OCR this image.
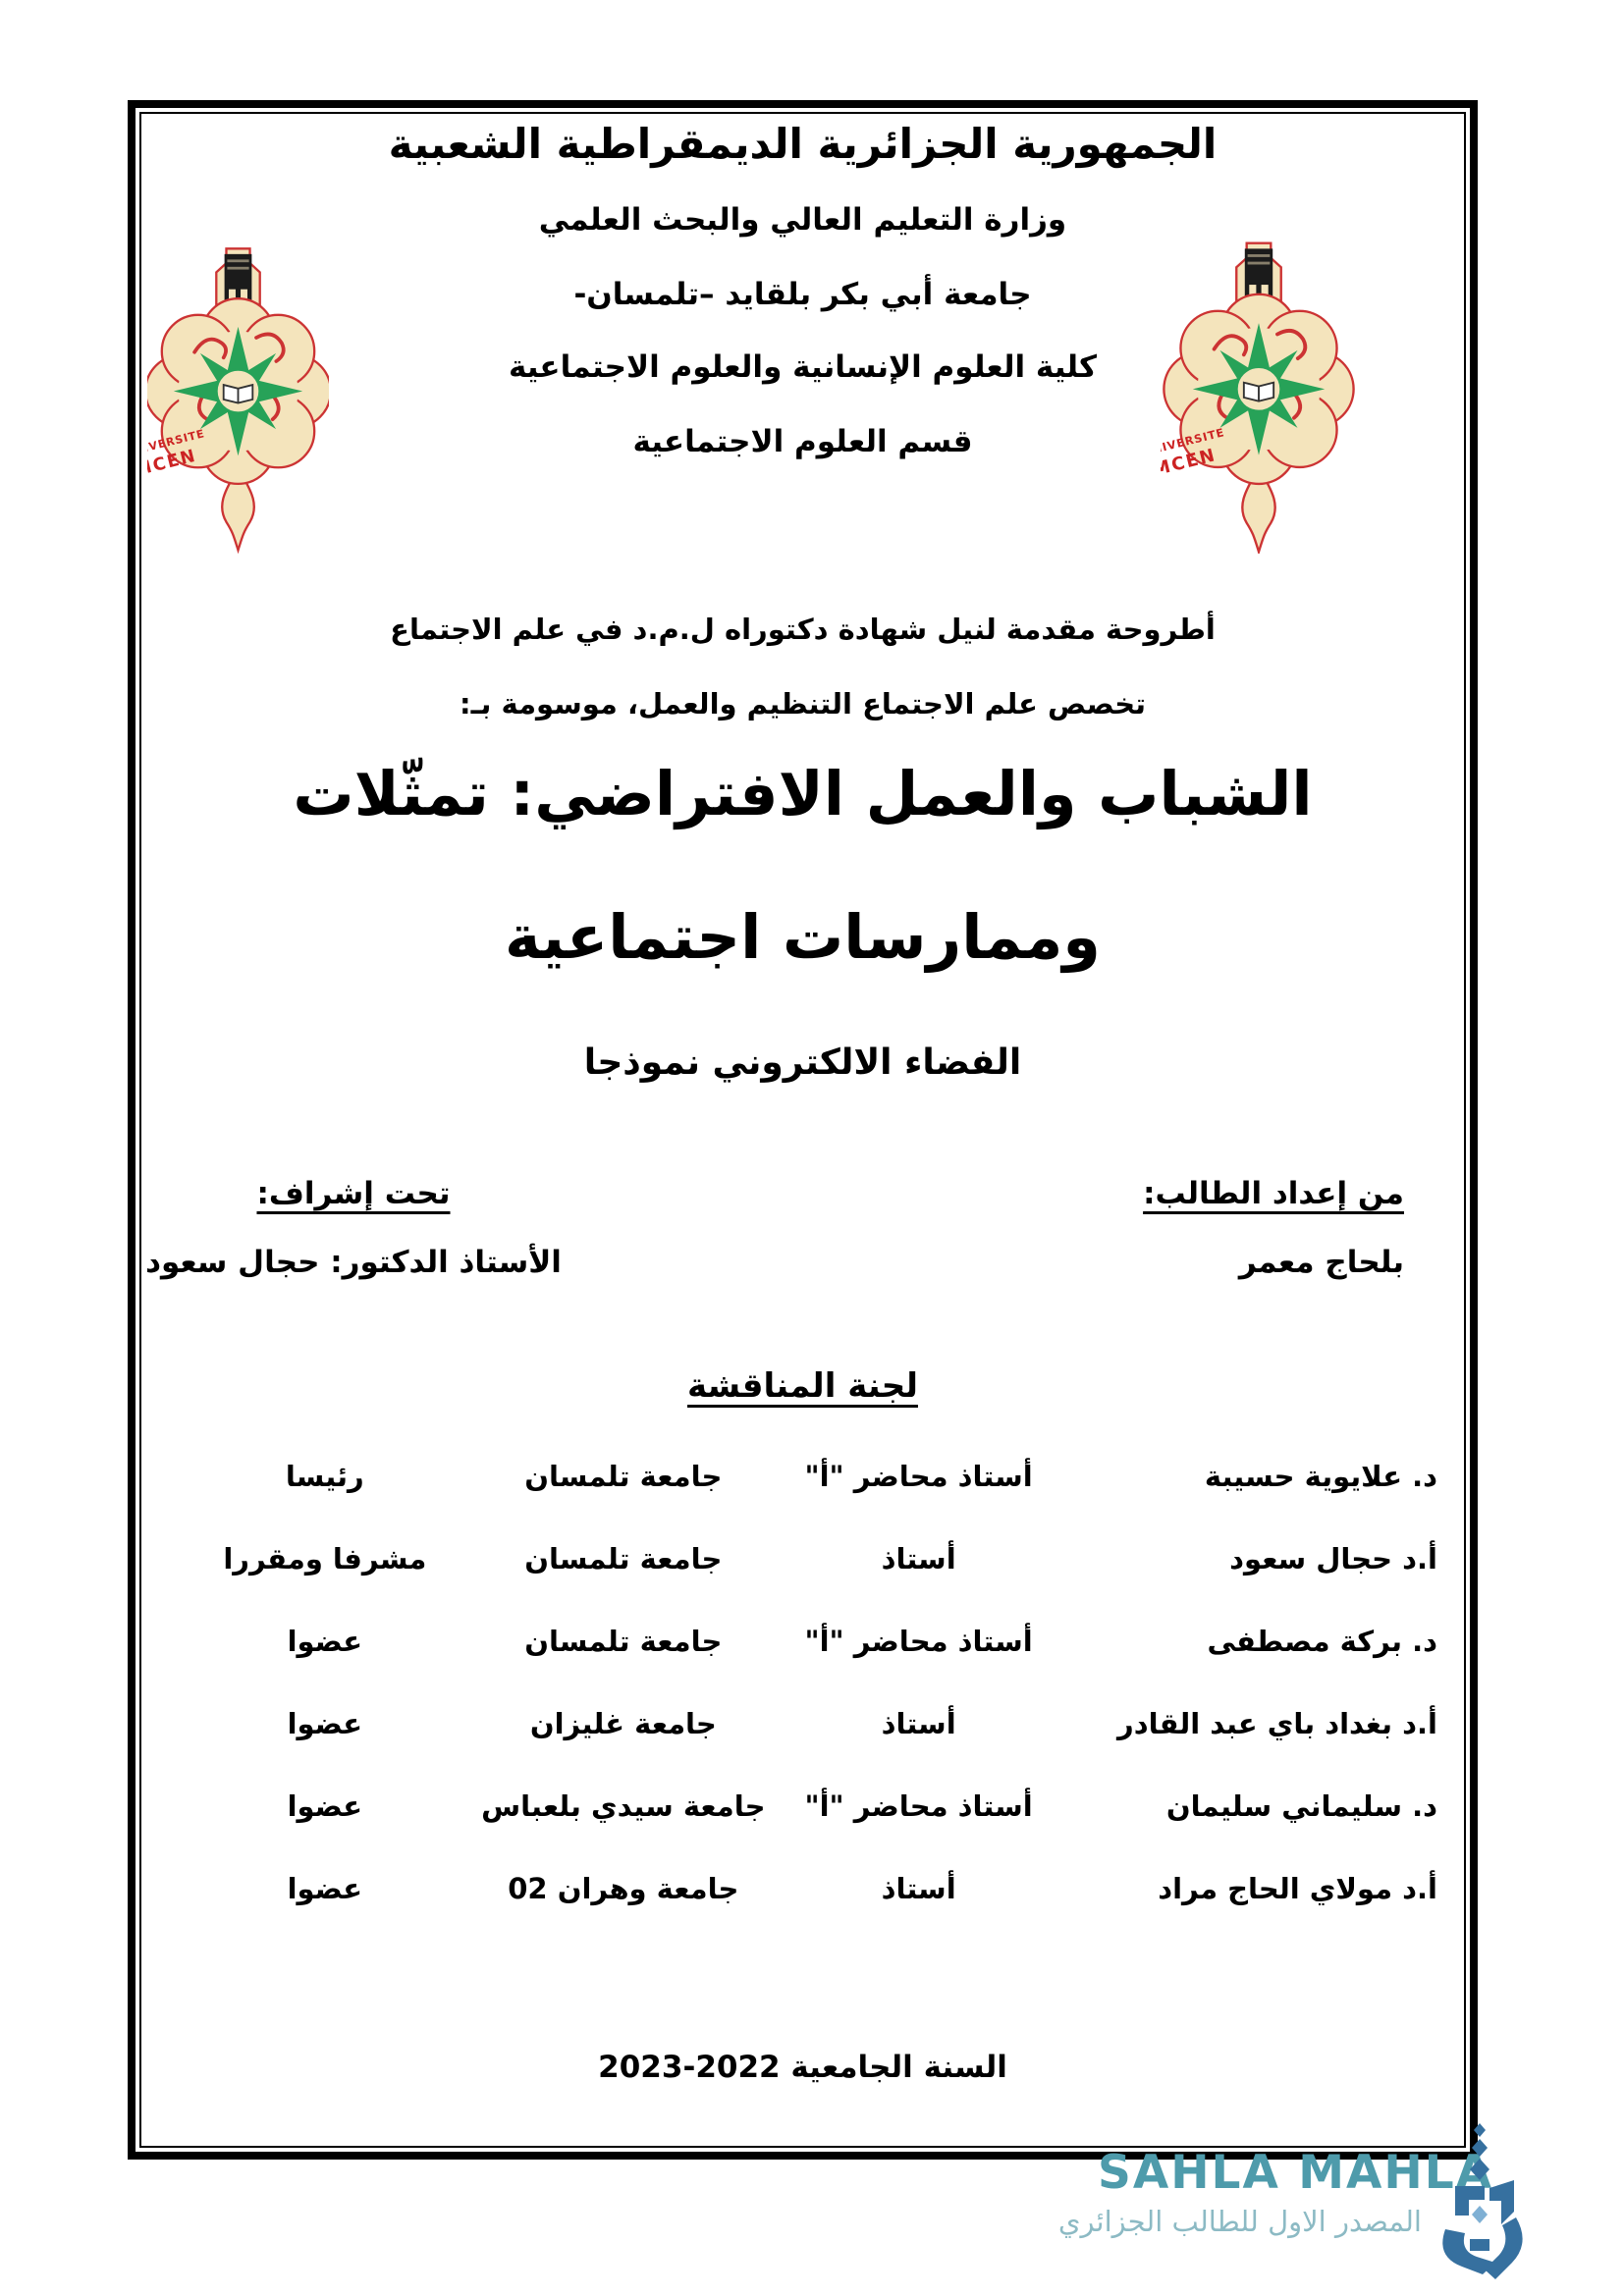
الجمهورية الجزائرية الديمقراطية الشعبية
وزارة التعليم العالي والبحث العلمي
جامعة أبي بكر بلقايد –تلمسان-
كلية العلوم الإنسانية والعلوم الاجتماعية
قسم العلوم الاجتماعية
أطروحة مقدمة لنيل شهادة دكتوراه ل.م.د في علم الاجتماع
تخصص علم الاجتماع التنظيم والعمل، موسومة بـ:
الشباب والعمل الافتراضي: تمثّلات
وممارسات اجتماعية
الفضاء الالكتروني نموذجا
من إعداد الطالب:
بلحاج معمر
تحت إشراف:
الأستاذ الدكتور: حجال سعود
لجنة المناقشة
د. علايوية حسيبة
أستاذ محاضر "أ"
جامعة تلمسان
رئيسا
أ.د حجال سعود
أستاذ
جامعة تلمسان
مشرفا ومقررا
د. بركة مصطفى
أستاذ محاضر "أ"
جامعة تلمسان
عضوا
أ.د بغداد باي عبد القادر
أستاذ
جامعة غليزان
عضوا
د. سليماني سليمان
أستاذ محاضر "أ"
جامعة سيدي بلعباس
عضوا
أ.د مولاي الحاج مراد
أستاذ
جامعة وهران 02
عضوا
السنة الجامعية 2022-2023
SAHLA MAHLA
المصدر الاول للطالب الجزائري
